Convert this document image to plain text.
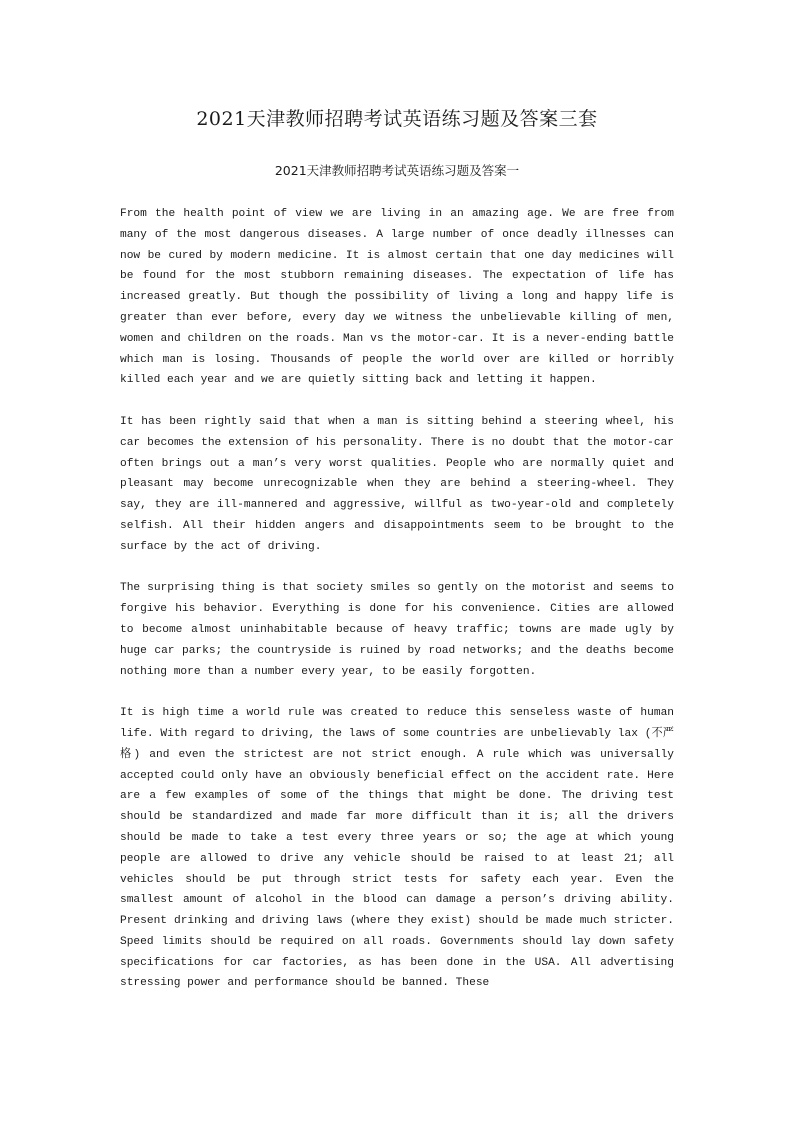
2021天津教师招聘考试英语练习题及答案三套
2021天津教师招聘考试英语练习题及答案一

From the health point of view we are living in an amazing age. We are free from many of the most dangerous diseases. A large number of once deadly illnesses can now be cured by modern medicine. It is almost certain that one day medicines will be found for the most stubborn remaining diseases. The expectation of life has increased greatly. But though the possibility of living a long and happy life is greater than ever before, every day we witness the unbelievable killing of men, women and children on the roads. Man vs the motor-car. It is a never-ending battle which man is losing. Thousands of people the world over are killed or horribly killed each year and we are quietly sitting back and letting it happen.

It has been rightly said that when a man is sitting behind a steering wheel, his car becomes the extension of his personality. There is no doubt that the motor-car often brings out a man’s very worst qualities. People who are normally quiet and pleasant may become unrecognizable when they are behind a steering-wheel. They say, they are ill-mannered and aggressive, willful as two-year-old and completely selfish. All their hidden angers and disappointments seem to be brought to the surface by the act of driving.

The surprising thing is that society smiles so gently on the motorist and seems to forgive his behavior. Everything is done for his convenience. Cities are allowed to become almost uninhabitable because of heavy traffic; towns are made ugly by huge car parks; the countryside is ruined by road networks; and the deaths become nothing more than a number every year, to be easily forgotten.

It is high time a world rule was created to reduce this senseless waste of human life. With regard to driving, the laws of some countries are unbelievably lax (不严格) and even the strictest are not strict enough. A rule which was universally accepted could only have an obviously beneficial effect on the accident rate. Here are a few examples of some of the things that might be done. The driving test should be standardized and made far more difficult than it is; all the drivers should be made to take a test every three years or so; the age at which young people are allowed to drive any vehicle should be raised to at least 21; all vehicles should be put through strict tests for safety each year. Even the smallest amount of alcohol in the blood can damage a person’s driving ability. Present drinking and driving laws (where they exist) should be made much stricter. Speed limits should be required on all roads. Governments should lay down safety specifications for car factories, as has been done in the USA. All advertising stressing power and performance should be banned. These
